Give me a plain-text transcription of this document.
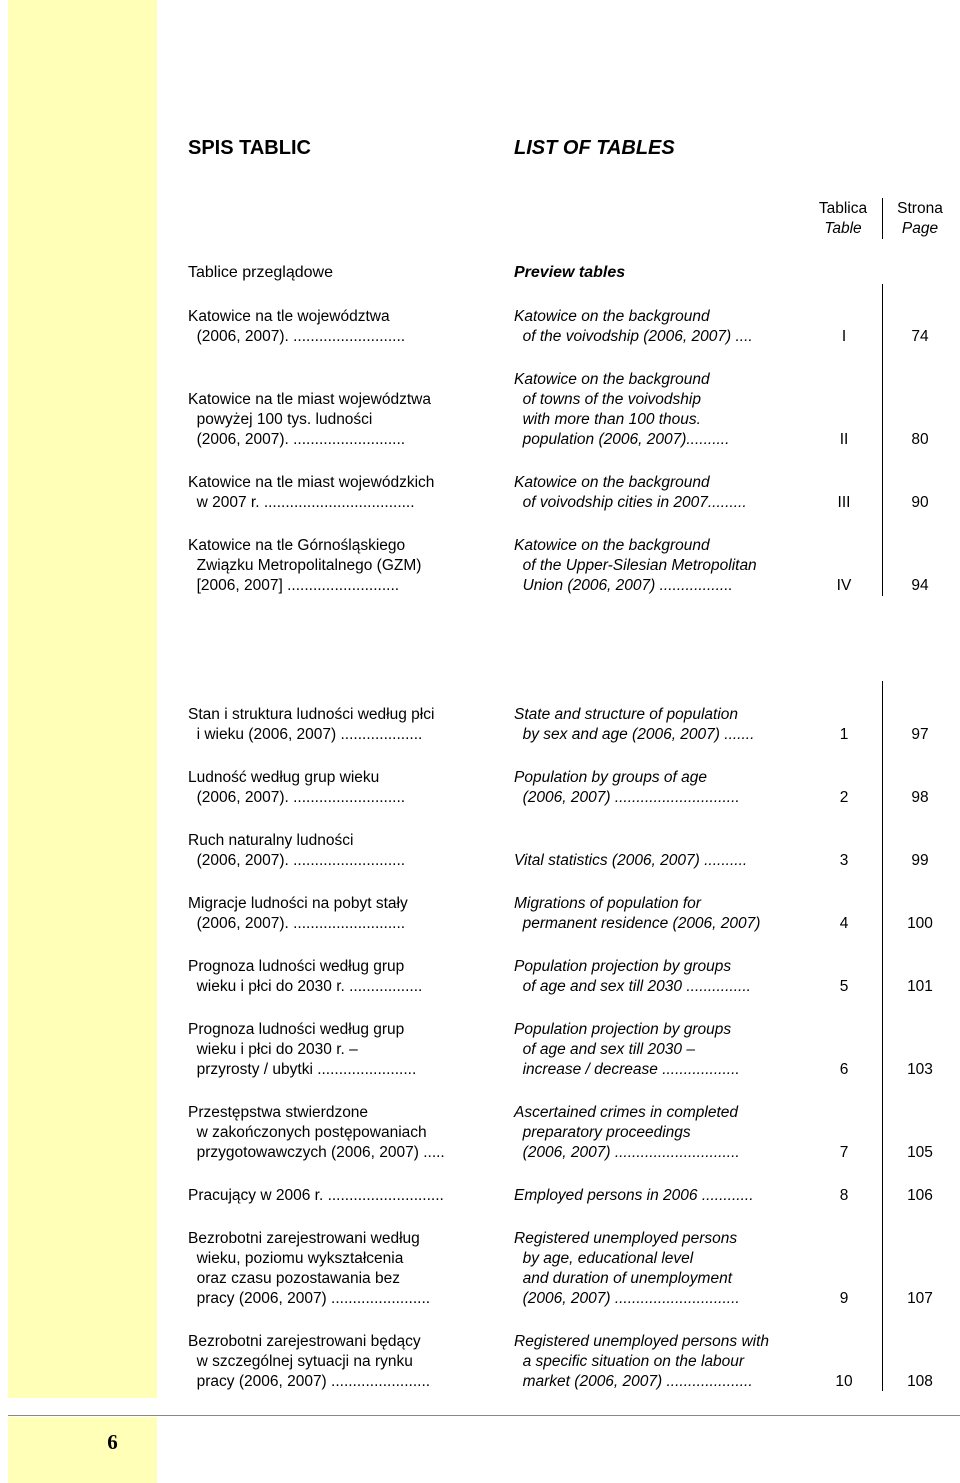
6
SPIS TABLIC	LIST OF TABLES
Tablica
Table
Strona
Page
Tablice przeglądowe	Preview tables
Katowice na tle województwa
(2006, 2007). ..........................
Katowice on the background
of the voivodship (2006, 2007) ....	I	74
Katowice na tle miast województwa
powyżej 100 tys. ludności
(2006, 2007). ..........................
Katowice on the background
of towns of the voivodship
with more than 100 thous.
population (2006, 2007)..........	II	80
Katowice na tle miast wojewódzkich
w 2007 r. ...................................
Katowice on the background
of voivodship cities in 2007.........	III	90
Katowice na tle Górnośląskiego
Związku Metropolitalnego (GZM)
[2006, 2007] ..........................
Katowice on the background
of the Upper-Silesian Metropolitan
Union (2006, 2007) .................	IV	94
Stan i struktura ludności według płci
i wieku (2006, 2007) ...................
State and structure of population
by sex and age (2006, 2007) .......	1	97
Ludność według grup wieku
(2006, 2007). ..........................
Population by groups of age
(2006, 2007) .............................	2	98
Ruch naturalny ludności
(2006, 2007). ..........................	
Vital statistics (2006, 2007) ..........	3	99
Migracje ludności na pobyt stały
(2006, 2007). ..........................
Migrations of population for
permanent residence (2006, 2007)	4	100
Prognoza ludności według grup
wieku i płci do 2030 r. .................
Population projection by groups
of age and sex till 2030 ...............	5	101
Prognoza ludności według grup
wieku i płci do 2030 r. –
przyrosty / ubytki .......................
Population projection by groups
of age and sex till 2030 –
increase / decrease ..................	6	103
Przestępstwa stwierdzone
w zakończonych postępowaniach
przygotowawczych (2006, 2007) .....
Ascertained crimes in completed
preparatory proceedings
(2006, 2007) .............................	7	105
Pracujący w 2006 r. ...........................	Employed persons in 2006 ............	8	106
Bezrobotni zarejestrowani według
wieku, poziomu wykształcenia
oraz czasu pozostawania bez
pracy (2006, 2007) .......................
Registered unemployed persons
by age, educational level
and duration of unemployment
(2006, 2007) .............................	9	107
Bezrobotni zarejestrowani będący
w szczególnej sytuacji na rynku
pracy (2006, 2007) .......................
Registered unemployed persons with
a specific situation on the labour
market (2006, 2007) ....................	10	108
